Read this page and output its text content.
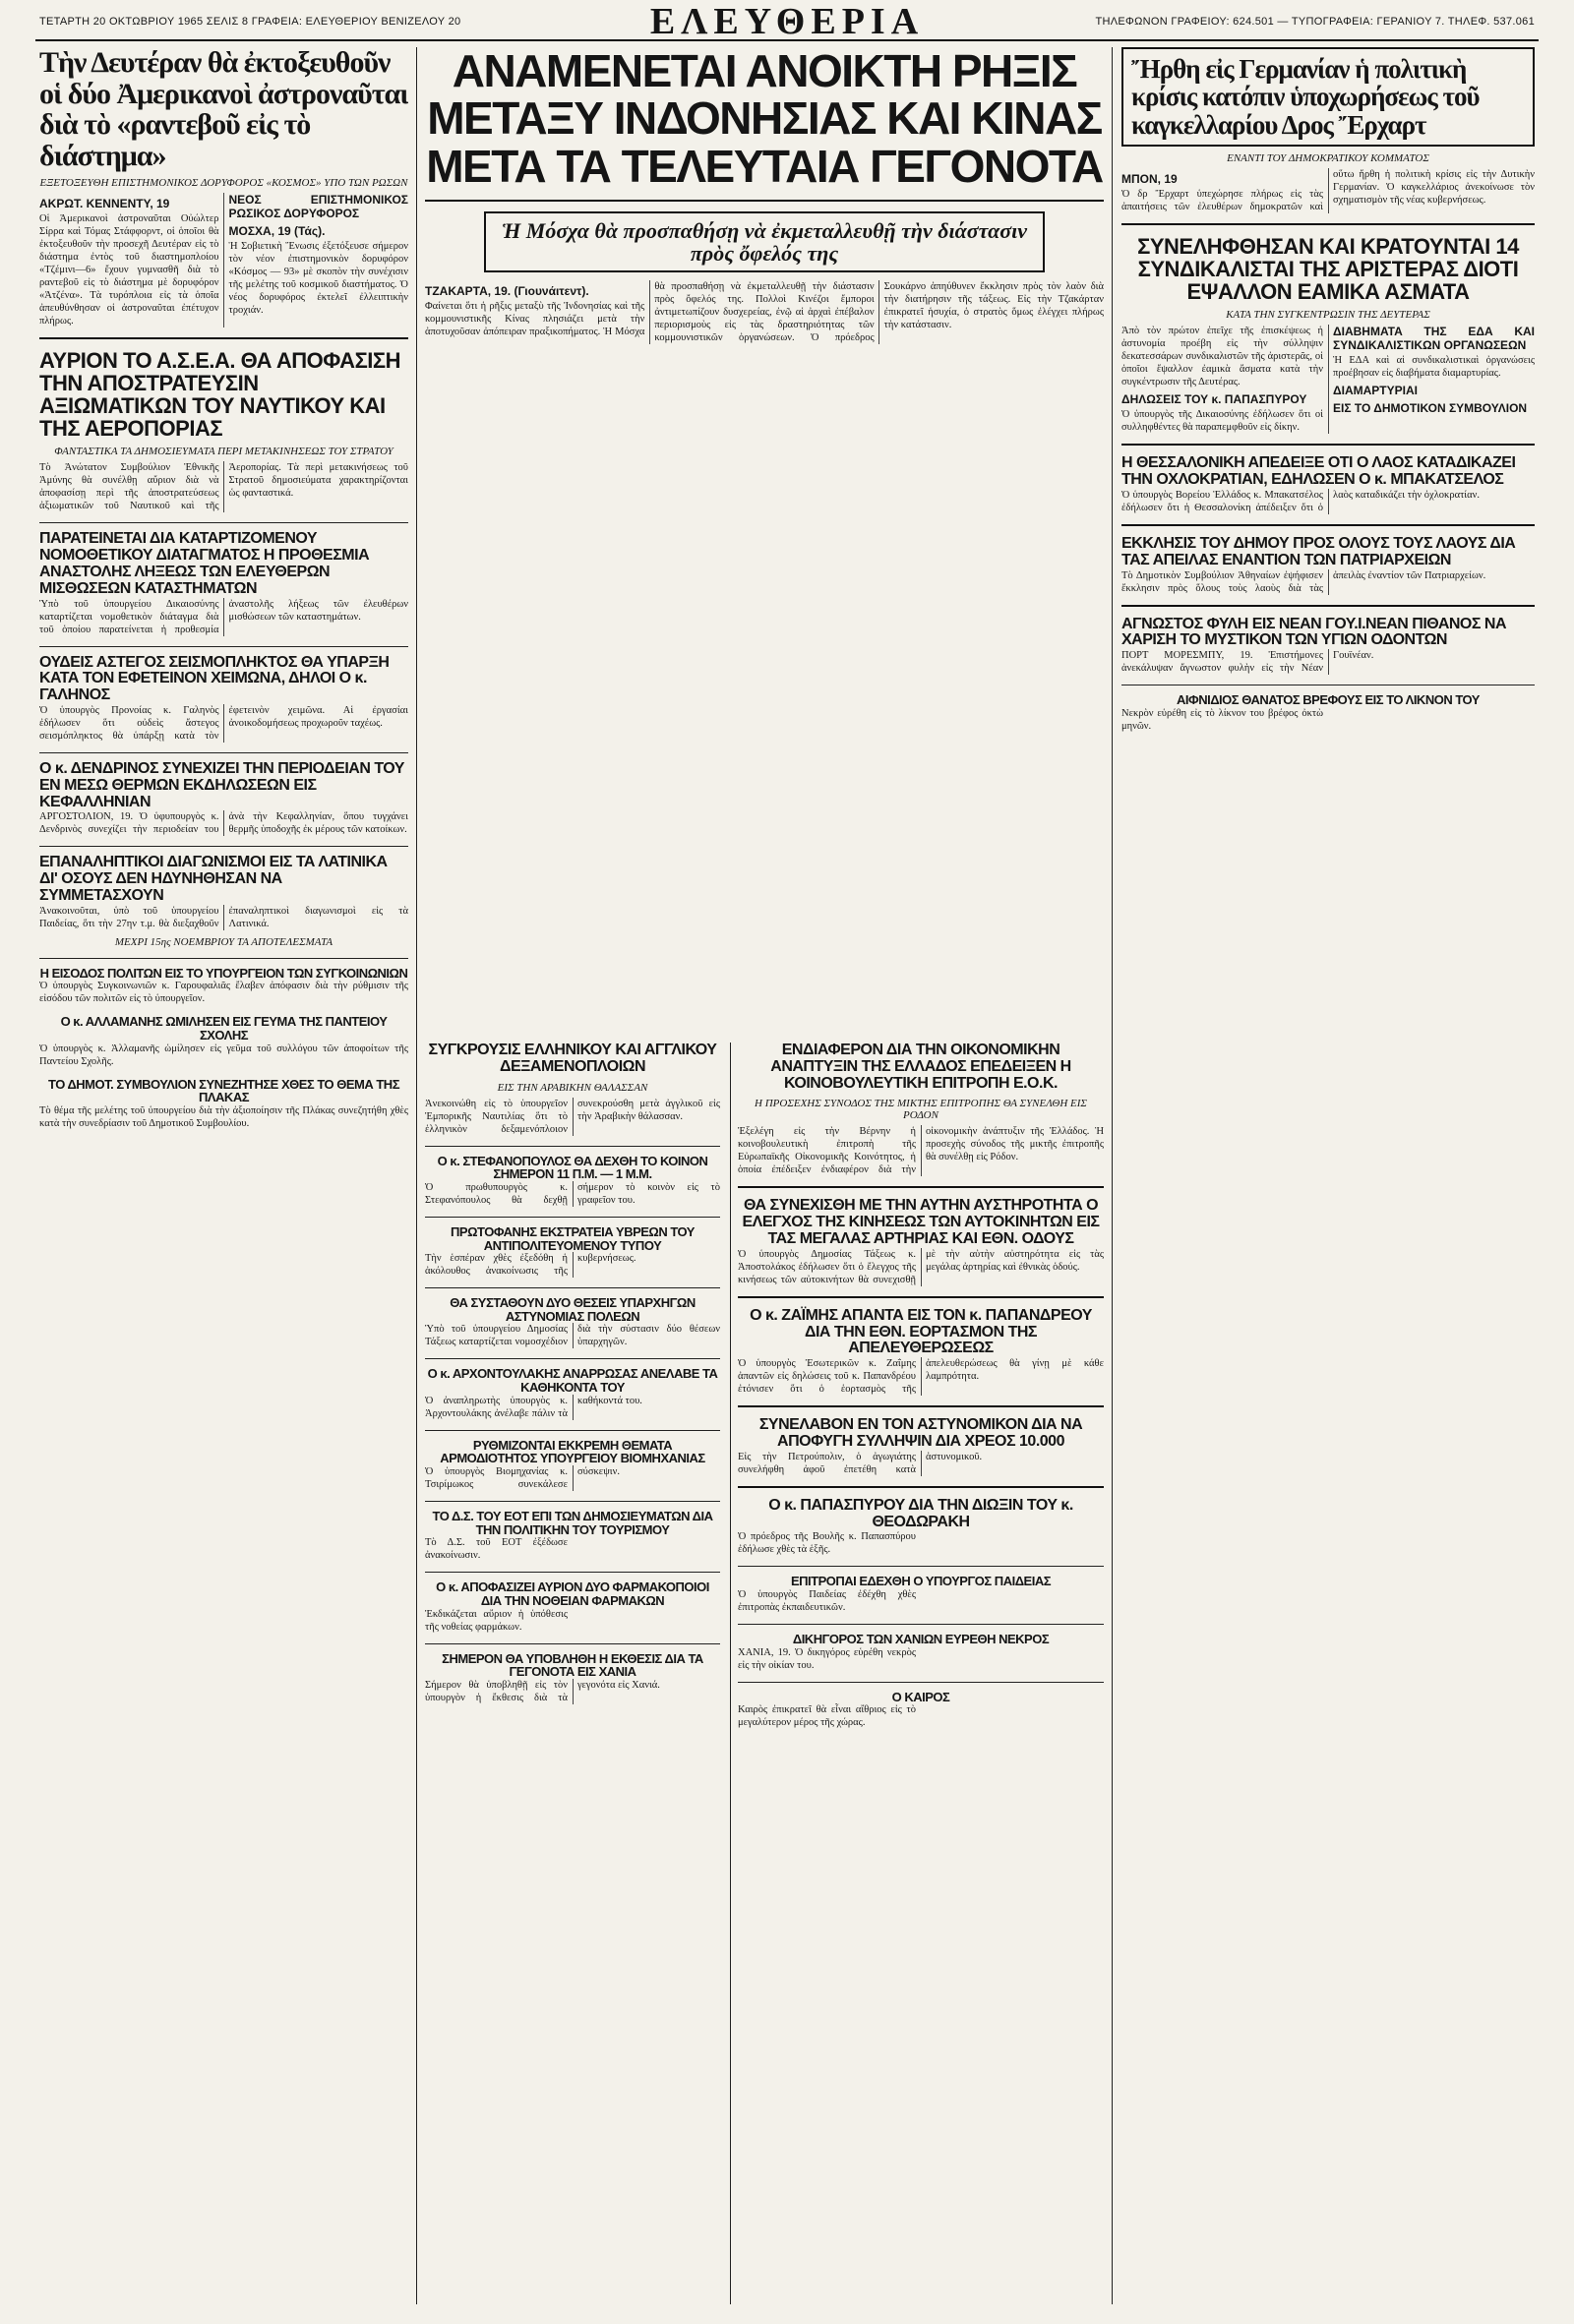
ΤΕΤΑΡΤΗ 20 ΟΚΤΩΒΡΙΟΥ 1965 ΣΕΛΙΣ 8 ΓΡΑΦΕΙΑ: ΕΛΕΥΘΕΡΙΟΥ ΒΕΝΙΖΕΛΟΥ 20	ΕΛΕΥΘΕΡΙΑ	ΤΗΛΕΦΩΝΟΝ ΓΡΑΦΕΙΟΥ: 624.501 — ΤΥΠΟΓΡΑΦΕΙΑ: ΓΕΡΑΝΙΟΥ 7. ΤΗΛΕΦ. 537.061
Τὴν Δευτέραν θὰ ἐκτοξευθοῦν οἱ δύο Ἀμερικανοὶ ἀστροναῦται διὰ τὸ «ραντεβοῦ εἰς τὸ διάστημα»
ΕΞΕΤΟΞΕΥΘΗ ΕΠΙΣΤΗΜΟΝΙΚΟΣ ΔΟΡΥΦΟΡΟΣ «ΚΟΣΜΟΣ» ΥΠΟ ΤΩΝ ΡΩΣΩΝ
ΑΚΡΩΤ. ΚΕΝΝΕΝΤΥ, 19
Οἱ Ἀμερικανοὶ ἀστροναῦται Οὐώλτερ Σίρρα καὶ Τόμας Στάφφορντ, οἱ ὁποῖοι θὰ ἐκτοξευθοῦν τὴν προσεχῆ Δευτέραν εἰς τὸ διάστημα ἐντὸς τοῦ διαστημοπλοίου «Τζέμινι—6» ἔχουν γυμνασθῆ διὰ τὸ ραντεβοῦ εἰς τὸ διάστημα μὲ δορυφόρον «Ἀτζένα». Τὰ τυρόπλοια εἰς τὰ ὁποῖα ἀπευθύνθησαν οἱ ἀστροναῦται ἐπέτυχον πλήρως.
ΝΕΟΣ ΕΠΙΣΤΗΜΟΝΙΚΟΣ ΡΩΣΙΚΟΣ ΔΟΡΥΦΟΡΟΣ
ΜΟΣΧΑ, 19 (Τάς).
Ἡ Σοβιετικὴ Ἕνωσις ἐξετόξευσε σήμερον τὸν νέον ἐπιστημονικὸν δορυφόρον «Κόσμος — 93» μὲ σκοπὸν τὴν συνέχισιν τῆς μελέτης τοῦ κοσμικοῦ διαστήματος. Ὁ νέος δορυφόρος ἐκτελεῖ ἐλλειπτικὴν τροχιάν.
ΑΥΡΙΟΝ ΤΟ Α.Σ.Ε.Α. ΘΑ ΑΠΟΦΑΣΙΣΗ ΤΗΝ ΑΠΟΣΤΡΑΤΕΥΣΙΝ ΑΞΙΩΜΑΤΙΚΩΝ ΤΟΥ ΝΑΥΤΙΚΟΥ ΚΑΙ ΤΗΣ ΑΕΡΟΠΟΡΙΑΣ
ΦΑΝΤΑΣΤΙΚΑ ΤΑ ΔΗΜΟΣΙΕΥΜΑΤΑ ΠΕΡΙ ΜΕΤΑΚΙΝΗΣΕΩΣ ΤΟΥ ΣΤΡΑΤΟΥ
Τὸ Ἀνώτατον Συμβούλιον Ἐθνικῆς Ἀμύνης θὰ συνέλθῃ αὔριον διὰ νὰ ἀποφασίσῃ περὶ τῆς ἀποστρατεύσεως ἀξιωματικῶν τοῦ Ναυτικοῦ καὶ τῆς Ἀεροπορίας. Τὰ περὶ μετακινήσεως τοῦ Στρατοῦ δημοσιεύματα χαρακτηρίζονται ὡς φανταστικά.
ΠΑΡΑΤΕΙΝΕΤΑΙ ΔΙΑ ΚΑΤΑΡΤΙΖΟΜΕΝΟΥ ΝΟΜΟΘΕΤΙΚΟΥ ΔΙΑΤΑΓΜΑΤΟΣ Η ΠΡΟΘΕΣΜΙΑ ΑΝΑΣΤΟΛΗΣ ΛΗΞΕΩΣ ΤΩΝ ΕΛΕΥΘΕΡΩΝ ΜΙΣΘΩΣΕΩΝ ΚΑΤΑΣΤΗΜΑΤΩΝ
Ὑπὸ τοῦ ὑπουργείου Δικαιοσύνης καταρτίζεται νομοθετικὸν διάταγμα διὰ τοῦ ὁποίου παρατείνεται ἡ προθεσμία ἀναστολῆς λήξεως τῶν ἐλευθέρων μισθώσεων τῶν καταστημάτων.
ΟΥΔΕΙΣ ΑΣΤΕΓΟΣ ΣΕΙΣΜΟΠΛΗΚΤΟΣ ΘΑ ΥΠΑΡΞΗ ΚΑΤΑ ΤΟΝ ΕΦΕΤΕΙΝΟΝ ΧΕΙΜΩΝΑ, ΔΗΛΟΙ Ο κ. ΓΑΛΗΝΟΣ
Ὁ ὑπουργὸς Προνοίας κ. Γαληνὸς ἐδήλωσεν ὅτι οὐδεὶς ἄστεγος σεισμόπληκτος θὰ ὑπάρξῃ κατὰ τὸν ἐφετεινὸν χειμῶνα. Αἱ ἐργασίαι ἀνοικοδομήσεως προχωροῦν ταχέως.
Ο κ. ΔΕΝΔΡΙΝΟΣ ΣΥΝΕΧΙΖΕΙ ΤΗΝ ΠΕΡΙΟΔΕΙΑΝ ΤΟΥ ΕΝ ΜΕΣΩ ΘΕΡΜΩΝ ΕΚΔΗΛΩΣΕΩΝ ΕΙΣ ΚΕΦΑΛΛΗΝΙΑΝ
ΑΡΓΟΣΤΟΛΙΟΝ, 19. Ὁ ὑφυπουργὸς κ. Δενδρινὸς συνεχίζει τὴν περιοδείαν του ἀνὰ τὴν Κεφαλληνίαν, ὅπου τυγχάνει θερμῆς ὑποδοχῆς ἐκ μέρους τῶν κατοίκων.
ΕΠΑΝΑΛΗΠΤΙΚΟΙ ΔΙΑΓΩΝΙΣΜΟΙ ΕΙΣ ΤΑ ΛΑΤΙΝΙΚΑ ΔΙ' ΟΣΟΥΣ ΔΕΝ ΗΔΥΝΗΘΗΣΑΝ ΝΑ ΣΥΜΜΕΤΑΣΧΟΥΝ
Ἀνακοινοῦται, ὑπὸ τοῦ ὑπουργείου Παιδείας, ὅτι τὴν 27ην τ.μ. θὰ διεξαχθοῦν ἐπαναληπτικοὶ διαγωνισμοὶ εἰς τὰ Λατινικά.
ΜΕΧΡΙ 15ης ΝΟΕΜΒΡΙΟΥ ΤΑ ΑΠΟΤΕΛΕΣΜΑΤΑ
Η ΕΙΣΟΔΟΣ ΠΟΛΙΤΩΝ ΕΙΣ ΤΟ ΥΠΟΥΡΓΕΙΟΝ ΤΩΝ ΣΥΓΚΟΙΝΩΝΙΩΝ
Ὁ ὑπουργὸς Συγκοινωνιῶν κ. Γαρουφαλιᾶς ἔλαβεν ἀπόφασιν διὰ τὴν ρύθμισιν τῆς εἰσόδου τῶν πολιτῶν εἰς τὸ ὑπουργεῖον.
Ο κ. ΑΛΛΑΜΑΝΗΣ ΩΜΙΛΗΣΕΝ ΕΙΣ ΓΕΥΜΑ ΤΗΣ ΠΑΝΤΕΙΟΥ ΣΧΟΛΗΣ
Ὁ ὑπουργὸς κ. Ἀλλαμανῆς ὡμίλησεν εἰς γεῦμα τοῦ συλλόγου τῶν ἀποφοίτων τῆς Παντείου Σχολῆς.
ΤΟ ΔΗΜΟΤ. ΣΥΜΒΟΥΛΙΟΝ ΣΥΝΕΖΗΤΗΣΕ ΧΘΕΣ ΤΟ ΘΕΜΑ ΤΗΣ ΠΛΑΚΑΣ
Τὸ θέμα τῆς μελέτης τοῦ ὑπουργείου διὰ τὴν ἀξιοποίησιν τῆς Πλάκας συνεζητήθη χθὲς κατὰ τὴν συνεδρίασιν τοῦ Δημοτικοῦ Συμβουλίου.
ΑΝΑΜΕΝΕΤΑΙ ΑΝΟΙΚΤΗ ΡΗΞΙΣ ΜΕΤΑΞΥ ΙΝΔΟΝΗΣΙΑΣ ΚΑΙ ΚΙΝΑΣ ΜΕΤΑ ΤΑ ΤΕΛΕΥΤΑΙΑ ΓΕΓΟΝΟΤΑ
Ἡ Μόσχα θὰ προσπαθήσῃ νὰ ἐκμεταλλευθῇ τὴν διάστασιν πρὸς ὄφελός της
ΤΖΑΚΑΡΤΑ, 19. (Γιουνάιτεντ).
Φαίνεται ὅτι ἡ ρῆξις μεταξὺ τῆς Ἰνδονησίας καὶ τῆς κομμουνιστικῆς Κίνας πλησιάζει μετὰ τὴν ἀποτυχοῦσαν ἀπόπειραν πραξικοπήματος. Ἡ Μόσχα θὰ προσπαθήσῃ νὰ ἐκμεταλλευθῇ τὴν διάστασιν πρὸς ὄφελός της. Πολλοὶ Κινέζοι ἔμποροι ἀντιμετωπίζουν δυσχερείας, ἐνῷ αἱ ἀρχαὶ ἐπέβαλον περιορισμοὺς εἰς τὰς δραστηριότητας τῶν κομμουνιστικῶν ὀργανώσεων. Ὁ πρόεδρος Σουκάρνο ἀπηύθυνεν ἔκκλησιν πρὸς τὸν λαὸν διὰ τὴν διατήρησιν τῆς τάξεως. Εἰς τὴν Τζακάρταν ἐπικρατεῖ ἡσυχία, ὁ στρατὸς ὅμως ἐλέγχει πλήρως τὴν κατάστασιν.
ΣΥΓΚΡΟΥΣΙΣ ΕΛΛΗΝΙΚΟΥ ΚΑΙ ΑΓΓΛΙΚΟΥ ΔΕΞΑΜΕΝΟΠΛΟΙΩΝ
ΕΙΣ ΤΗΝ ΑΡΑΒΙΚΗΝ ΘΑΛΑΣΣΑΝ
Ἀνεκοινώθη εἰς τὸ ὑπουργεῖον Ἐμπορικῆς Ναυτιλίας ὅτι τὸ ἑλληνικὸν δεξαμενόπλοιον συνεκρούσθη μετὰ ἀγγλικοῦ εἰς τὴν Ἀραβικὴν θάλασσαν.
Ο κ. ΣΤΕΦΑΝΟΠΟΥΛΟΣ ΘΑ ΔΕΧΘΗ ΤΟ ΚΟΙΝΟΝ ΣΗΜΕΡΟΝ 11 Π.Μ. — 1 Μ.Μ.
Ὁ πρωθυπουργὸς κ. Στεφανόπουλος θὰ δεχθῇ σήμερον τὸ κοινὸν εἰς τὸ γραφεῖον του.
ΠΡΩΤΟΦΑΝΗΣ ΕΚΣΤΡΑΤΕΙΑ ΥΒΡΕΩΝ ΤΟΥ ΑΝΤΙΠΟΛΙΤΕΥΟΜΕΝΟΥ ΤΥΠΟΥ
Τὴν ἑσπέραν χθὲς ἐξεδόθη ἡ ἀκόλουθος ἀνακοίνωσις τῆς κυβερνήσεως.
ΘΑ ΣΥΣΤΑΘΟΥΝ ΔΥΟ ΘΕΣΕΙΣ ΥΠΑΡΧΗΓΩΝ ΑΣΤΥΝΟΜΙΑΣ ΠΟΛΕΩΝ
Ὑπὸ τοῦ ὑπουργείου Δημοσίας Τάξεως καταρτίζεται νομοσχέδιον διὰ τὴν σύστασιν δύο θέσεων ὑπαρχηγῶν.
Ο κ. ΑΡΧΟΝΤΟΥΛΑΚΗΣ ΑΝΑΡΡΩΣΑΣ ΑΝΕΛΑΒΕ ΤΑ ΚΑΘΗΚΟΝΤΑ ΤΟΥ
Ὁ ἀναπληρωτὴς ὑπουργὸς κ. Ἀρχοντουλάκης ἀνέλαβε πάλιν τὰ καθήκοντά του.
ΡΥΘΜΙΖΟΝΤΑΙ ΕΚΚΡΕΜΗ ΘΕΜΑΤΑ ΑΡΜΟΔΙΟΤΗΤΟΣ ΥΠΟΥΡΓΕΙΟΥ ΒΙΟΜΗΧΑΝΙΑΣ
Ὁ ὑπουργὸς Βιομηχανίας κ. Τσιρίμωκος συνεκάλεσε σύσκεψιν.
ΤΟ Δ.Σ. ΤΟΥ ΕΟΤ ΕΠΙ ΤΩΝ ΔΗΜΟΣΙΕΥΜΑΤΩΝ ΔΙΑ ΤΗΝ ΠΟΛΙΤΙΚΗΝ ΤΟΥ ΤΟΥΡΙΣΜΟΥ
Τὸ Δ.Σ. τοῦ ΕΟΤ ἐξέδωσε ἀνακοίνωσιν.
Ο κ. ΑΠΟΦΑΣΙΖΕΙ ΑΥΡΙΟΝ ΔΥΟ ΦΑΡΜΑΚΟΠΟΙΟΙ ΔΙΑ ΤΗΝ ΝΟΘΕΙΑΝ ΦΑΡΜΑΚΩΝ
Ἐκδικάζεται αὔριον ἡ ὑπόθεσις τῆς νοθείας φαρμάκων.
ΣΗΜΕΡΟΝ ΘΑ ΥΠΟΒΛΗΘΗ Η ΕΚΘΕΣΙΣ ΔΙΑ ΤΑ ΓΕΓΟΝΟΤΑ ΕΙΣ ΧΑΝΙΑ
Σήμερον θὰ ὑποβληθῇ εἰς τὸν ὑπουργὸν ἡ ἔκθεσις διὰ τὰ γεγονότα εἰς Χανιά.
ΕΝΔΙΑΦΕΡΟΝ ΔΙΑ ΤΗΝ ΟΙΚΟΝΟΜΙΚΗΝ ΑΝΑΠΤΥΞΙΝ ΤΗΣ ΕΛΛΑΔΟΣ ΕΠΕΔΕΙΞΕΝ Η ΚΟΙΝΟΒΟΥΛΕΥΤΙΚΗ ΕΠΙΤΡΟΠΗ Ε.Ο.Κ.
Η ΠΡΟΣΕΧΗΣ ΣΥΝΟΔΟΣ ΤΗΣ ΜΙΚΤΗΣ ΕΠΙΤΡΟΠΗΣ ΘΑ ΣΥΝΕΛΘΗ ΕΙΣ ΡΟΔΟΝ
Ἐξελέγη εἰς τὴν Βέρνην ἡ κοινοβουλευτικὴ ἐπιτροπὴ τῆς Εὐρωπαϊκῆς Οἰκονομικῆς Κοινότητος, ἡ ὁποία ἐπέδειξεν ἐνδιαφέρον διὰ τὴν οἰκονομικὴν ἀνάπτυξιν τῆς Ἑλλάδος. Ἡ προσεχὴς σύνοδος τῆς μικτῆς ἐπιτροπῆς θὰ συνέλθῃ εἰς Ρόδον.
ΘΑ ΣΥΝΕΧΙΣΘΗ ΜΕ ΤΗΝ ΑΥΤΗΝ ΑΥΣΤΗΡΟΤΗΤΑ Ο ΕΛΕΓΧΟΣ ΤΗΣ ΚΙΝΗΣΕΩΣ ΤΩΝ ΑΥΤΟΚΙΝΗΤΩΝ ΕΙΣ ΤΑΣ ΜΕΓΑΛΑΣ ΑΡΤΗΡΙΑΣ ΚΑΙ ΕΘΝ. ΟΔΟΥΣ
Ὁ ὑπουργὸς Δημοσίας Τάξεως κ. Ἀποστολάκος ἐδήλωσεν ὅτι ὁ ἔλεγχος τῆς κινήσεως τῶν αὐτοκινήτων θὰ συνεχισθῇ μὲ τὴν αὐτὴν αὐστηρότητα εἰς τὰς μεγάλας ἀρτηρίας καὶ ἐθνικὰς ὁδούς.
Ο κ. ΖΑΪΜΗΣ ΑΠΑΝΤΑ ΕΙΣ ΤΟΝ κ. ΠΑΠΑΝΔΡΕΟΥ ΔΙΑ ΤΗΝ ΕΘΝ. ΕΟΡΤΑΣΜΟΝ ΤΗΣ ΑΠΕΛΕΥΘΕΡΩΣΕΩΣ
Ὁ ὑπουργὸς Ἐσωτερικῶν κ. Ζαΐμης ἀπαντῶν εἰς δηλώσεις τοῦ κ. Παπανδρέου ἐτόνισεν ὅτι ὁ ἑορτασμὸς τῆς ἀπελευθερώσεως θὰ γίνῃ μὲ κάθε λαμπρότητα.
ΣΥΝΕΛΑΒΟΝ ΕΝ ΤΟΝ ΑΣΤΥΝΟΜΙΚΟΝ ΔΙΑ ΝΑ ΑΠΟΦΥΓΗ ΣΥΛΛΗΨΙΝ ΔΙΑ ΧΡΕΟΣ 10.000
Εἰς τὴν Πετρούπολιν, ὁ ἀγωγιάτης συνελήφθη ἀφοῦ ἐπετέθη κατὰ ἀστυνομικοῦ.
Ο κ. ΠΑΠΑΣΠΥΡΟΥ ΔΙΑ ΤΗΝ ΔΙΩΞΙΝ ΤΟΥ κ. ΘΕΟΔΩΡΑΚΗ
Ὁ πρόεδρος τῆς Βουλῆς κ. Παπασπύρου ἐδήλωσε χθὲς τὰ ἑξῆς.
ΕΠΙΤΡΟΠΑΙ ΕΔΕΧΘΗ Ο ΥΠΟΥΡΓΟΣ ΠΑΙΔΕΙΑΣ
Ὁ ὑπουργὸς Παιδείας ἐδέχθη χθὲς ἐπιτροπὰς ἐκπαιδευτικῶν.
ΔΙΚΗΓΟΡΟΣ ΤΩΝ ΧΑΝΙΩΝ ΕΥΡΕΘΗ ΝΕΚΡΟΣ
ΧΑΝΙΑ, 19. Ὁ δικηγόρος εὑρέθη νεκρὸς εἰς τὴν οἰκίαν του.
Ο ΚΑΙΡΟΣ
Καιρὸς ἐπικρατεῖ θὰ εἶναι αἴθριος εἰς τὸ μεγαλύτερον μέρος τῆς χώρας.
Ἤρθη εἰς Γερμανίαν ἡ πολιτικὴ κρίσις κατόπιν ὑποχωρήσεως τοῦ καγκελλαρίου Δρος Ἔρχαρτ
ΕΝΑΝΤΙ ΤΟΥ ΔΗΜΟΚΡΑΤΙΚΟΥ ΚΟΜΜΑΤΟΣ
ΜΠΟΝ, 19
Ὁ δρ Ἔρχαρτ ὑπεχώρησε πλήρως εἰς τὰς ἀπαιτήσεις τῶν ἐλευθέρων δημοκρατῶν καὶ οὕτω ἤρθη ἡ πολιτικὴ κρίσις εἰς τὴν Δυτικὴν Γερμανίαν. Ὁ καγκελλάριος ἀνεκοίνωσε τὸν σχηματισμὸν τῆς νέας κυβερνήσεως.
ΣΥΝΕΛΗΦΘΗΣΑΝ ΚΑΙ ΚΡΑΤΟΥΝΤΑΙ 14 ΣΥΝΔΙΚΑΛΙΣΤΑΙ ΤΗΣ ΑΡΙΣΤΕΡΑΣ ΔΙΟΤΙ ΕΨΑΛΛΟΝ ΕΑΜΙΚΑ ΑΣΜΑΤΑ
ΚΑΤΑ ΤΗΝ ΣΥΓΚΕΝΤΡΩΣΙΝ ΤΗΣ ΔΕΥΤΕΡΑΣ
Ἀπὸ τὸν πρώτον ἐπεῖχε τῆς ἐπισκέψεως ἡ ἀστυνομία προέβη εἰς τὴν σύλληψιν δεκατεσσάρων συνδικαλιστῶν τῆς ἀριστερᾶς, οἱ ὁποῖοι ἔψαλλον ἐαμικὰ ἄσματα κατὰ τὴν συγκέντρωσιν τῆς Δευτέρας.
ΔΗΛΩΣΕΙΣ ΤΟΥ κ. ΠΑΠΑΣΠΥΡΟΥ
Ὁ ὑπουργὸς τῆς Δικαιοσύνης ἐδήλωσεν ὅτι οἱ συλληφθέντες θὰ παραπεμφθοῦν εἰς δίκην.
ΔΙΑΒΗΜΑΤΑ ΤΗΣ ΕΔΑ ΚΑΙ ΣΥΝΔΙΚΑΛΙΣΤΙΚΩΝ ΟΡΓΑΝΩΣΕΩΝ
Ἡ ΕΔΑ καὶ αἱ συνδικαλιστικαὶ ὀργανώσεις προέβησαν εἰς διαβήματα διαμαρτυρίας.
ΔΙΑΜΑΡΤΥΡΙΑΙ
ΕΙΣ ΤΟ ΔΗΜΟΤΙΚΟΝ ΣΥΜΒΟΥΛΙΟΝ
Η ΘΕΣΣΑΛΟΝΙΚΗ ΑΠΕΔΕΙΞΕ ΟΤΙ Ο ΛΑΟΣ ΚΑΤΑΔΙΚΑΖΕΙ ΤΗΝ ΟΧΛΟΚΡΑΤΙΑΝ, ΕΔΗΛΩΣΕΝ Ο κ. ΜΠΑΚΑΤΣΕΛΟΣ
Ὁ ὑπουργὸς Βορείου Ἑλλάδος κ. Μπακατσέλος ἐδήλωσεν ὅτι ἡ Θεσσαλονίκη ἀπέδειξεν ὅτι ὁ λαὸς καταδικάζει τὴν ὀχλοκρατίαν.
ΕΚΚΛΗΣΙΣ ΤΟΥ ΔΗΜΟΥ ΠΡΟΣ ΟΛΟΥΣ ΤΟΥΣ ΛΑΟΥΣ ΔΙΑ ΤΑΣ ΑΠΕΙΛΑΣ ΕΝΑΝΤΙΟΝ ΤΩΝ ΠΑΤΡΙΑΡΧΕΙΩΝ
Τὸ Δημοτικὸν Συμβούλιον Ἀθηναίων ἐψήφισεν ἔκκλησιν πρὸς ὅλους τοὺς λαοὺς διὰ τὰς ἀπειλὰς ἐναντίον τῶν Πατριαρχείων.
ΑΓΝΩΣΤΟΣ ΦΥΛΗ ΕΙΣ ΝΕΑΝ ΓΟΥ.Ι.ΝΕΑΝ ΠΙΘΑΝΟΣ ΝΑ ΧΑΡΙΣΗ ΤΟ ΜΥΣΤΙΚΟΝ ΤΩΝ ΥΓΙΩΝ ΟΔΟΝΤΩΝ
ΠΟΡΤ ΜΟΡΕΣΜΠΥ, 19. Ἐπιστήμονες ἀνεκάλυψαν ἄγνωστον φυλὴν εἰς τὴν Νέαν Γουϊνέαν.
ΑΙΦΝΙΔΙΟΣ ΘΑΝΑΤΟΣ ΒΡΕΦΟΥΣ ΕΙΣ ΤΟ ΛΙΚΝΟΝ ΤΟΥ
Νεκρὸν εὑρέθη εἰς τὸ λίκνον του βρέφος ὀκτὼ μηνῶν.
